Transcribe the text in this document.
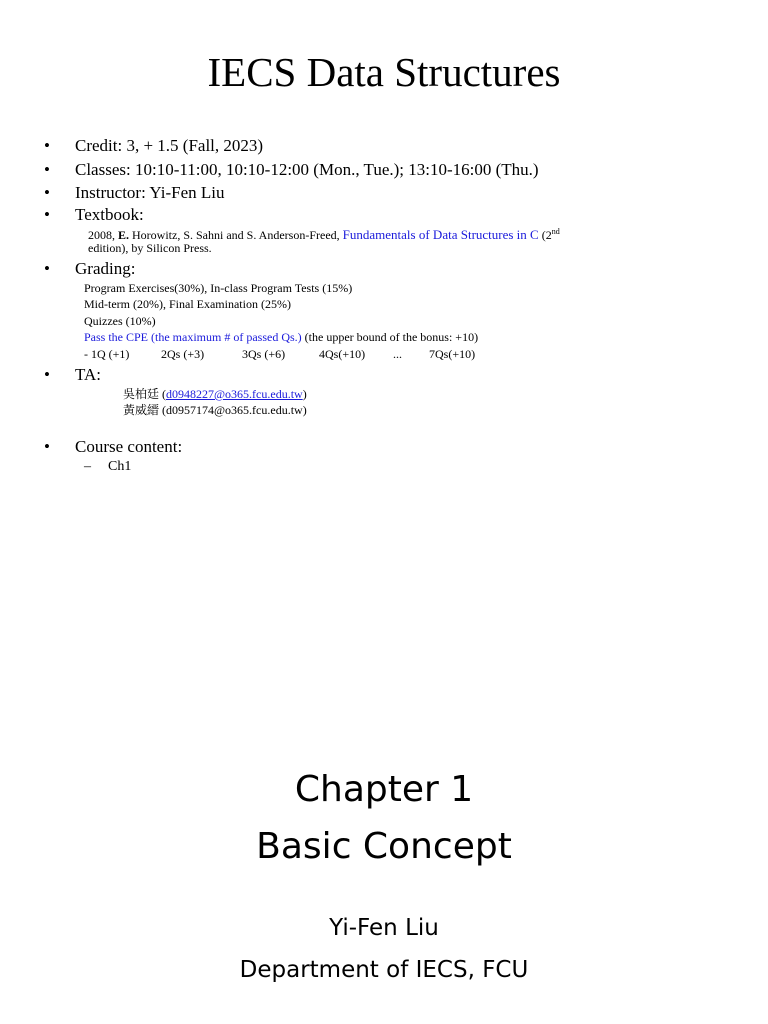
IECS Data Structures
• Credit: 3, + 1.5 (Fall, 2023)
• Classes: 10:10-11:00, 10:10-12:00 (Mon., Tue.); 13:10-16:00 (Thu.)
• Instructor: Yi-Fen Liu
• Textbook:
2008, E. Horowitz, S. Sahni and S. Anderson-Freed, Fundamentals of Data Structures in C (2nd
edition), by Silicon Press.
• Grading:
Program Exercises(30%), In-class Program Tests (15%)
Mid-term (20%), Final Examination (25%)
Quizzes (10%)
Pass the CPE (the maximum # of passed Qs.) (the upper bound of the bonus: +10)
- 1Q (+1)	2Qs (+3)	3Qs (+6)	4Qs(+10) ... 7Qs(+10)
• TA:
吳柏廷 (d0948227@o365.fcu.edu.tw)
黃威縉 (d0957174@o365.fcu.edu.tw)
• Course content:
– Ch1
Chapter 1
Basic Concept
Yi-Fen Liu
Department of IECS, FCU
